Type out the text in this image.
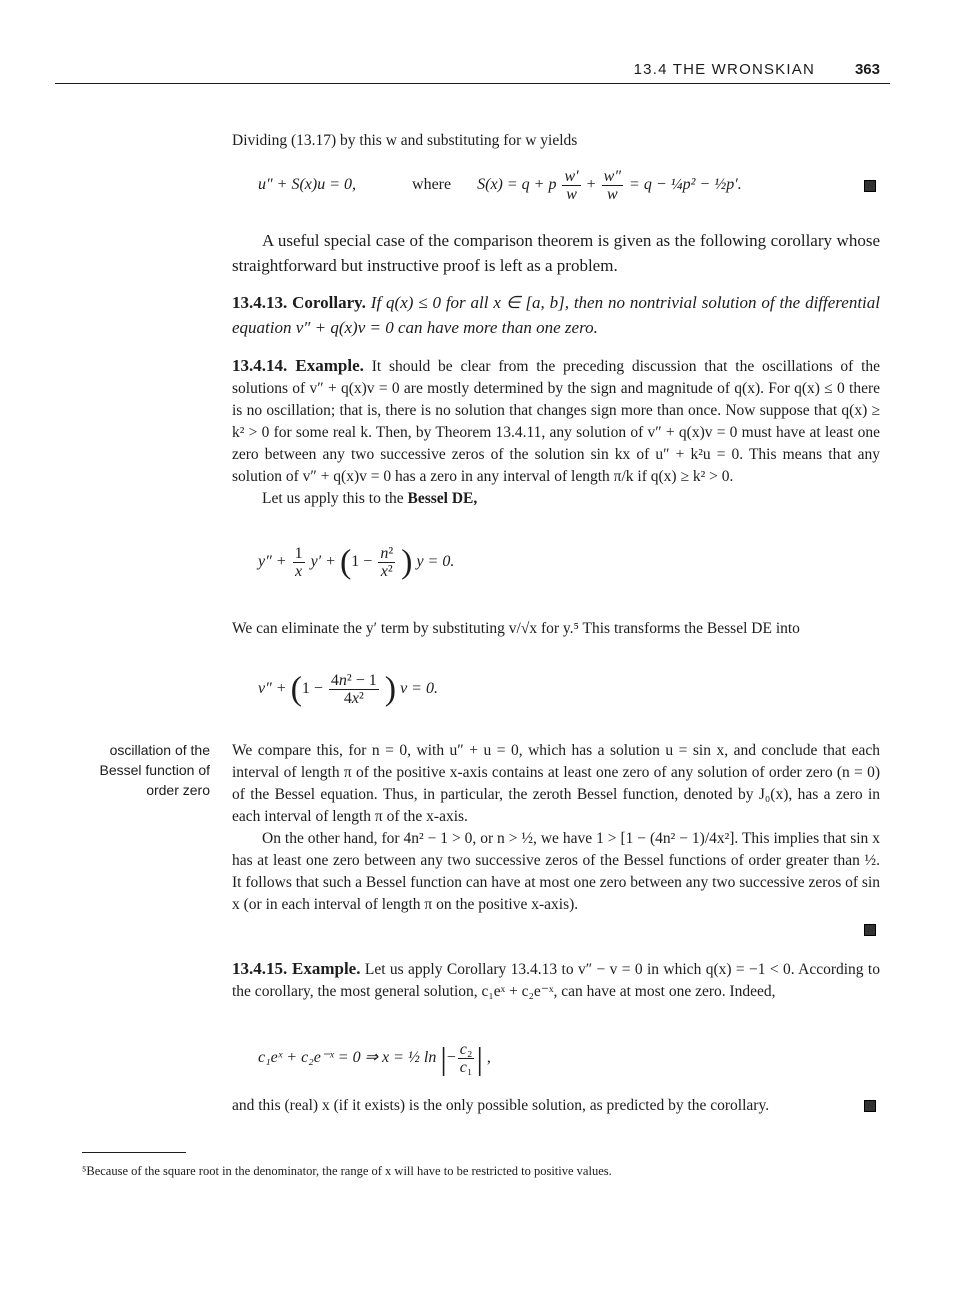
13.4 THE WRONSKIAN	363

Dividing (13.17) by this w and substituting for w yields

u″ + S(x)u = 0,	where S(x) = q + p $\frac{w'}{w} + \frac{w''}{w} = q$ − ¼p² − ½p′.

A useful special case of the comparison theorem is given as the following corollary whose straightforward but instructive proof is left as a problem.

13.4.13. Corollary. If q(x) ≤ 0 for all x ∈ [a, b], then no nontrivial solution of the differential equation v″ + q(x)v = 0 can have more than one zero.

13.4.14. Example. It should be clear from the preceding discussion that the oscillations of the solutions of v″ + q(x)v = 0 are mostly determined by the sign and magnitude of q(x). For q(x) ≤ 0 there is no oscillation; that is, there is no solution that changes sign more than once. Now suppose that q(x) ≥ k² > 0 for some real k. Then, by Theorem 13.4.11, any solution of v″ + q(x)v = 0 must have at least one zero between any two successive zeros of the solution sin kx of u″ + k²u = 0. This means that any solution of v″ + q(x)v = 0 has a zero in any interval of length π/k if q(x) ≥ k² > 0.

Let us apply this to the Bessel DE,

$y'' + \frac{1}{x} y' + (1 - \frac{\text{n²}}{\text{x²}}$ ) y = 0.

We can eliminate the y′ term by substituting v/√x for y.⁵ This transforms the Bessel DE into

$v'' + (1 - \frac{\text{4n² − 1}}{\text{4x²}}$ ) v = 0.
oscillation of the
Bessel function of
order zero

We compare this, for n = 0, with u″ + u = 0, which has a solution u = sin x, and conclude that each interval of length π of the positive x-axis contains at least one zero of any solution of order zero (n = 0) of the Bessel equation. Thus, in particular, the zeroth Bessel function, denoted by J₀(x), has a zero in each interval of length π of the x-axis.

On the other hand, for 4n² − 1 > 0, or n > ½, we have 1 > [1 − (4n² − 1)/4x²]. This implies that sin x has at least one zero between any two successive zeros of the Bessel functions of order greater than ½. It follows that such a Bessel function can have at most one zero between any two successive zeros of sin x (or in each interval of length π on the positive x-axis).

13.4.15. Example. Let us apply Corollary 13.4.13 to v″ − v = 0 in which q(x) = −1 < 0. According to the corollary, the most general solution, c₁eˣ + c₂e⁻ˣ, can have at most one zero. Indeed,

c₁eˣ + c₂e⁻ˣ = 0 ⇒ x = ½ ln |− $\frac{\text{c₂}}{\text{c₁}}$ | ,

and this (real) x (if it exists) is the only possible solution, as predicted by the corollary.

⁵Because of the square root in the denominator, the range of x will have to be restricted to positive values.
